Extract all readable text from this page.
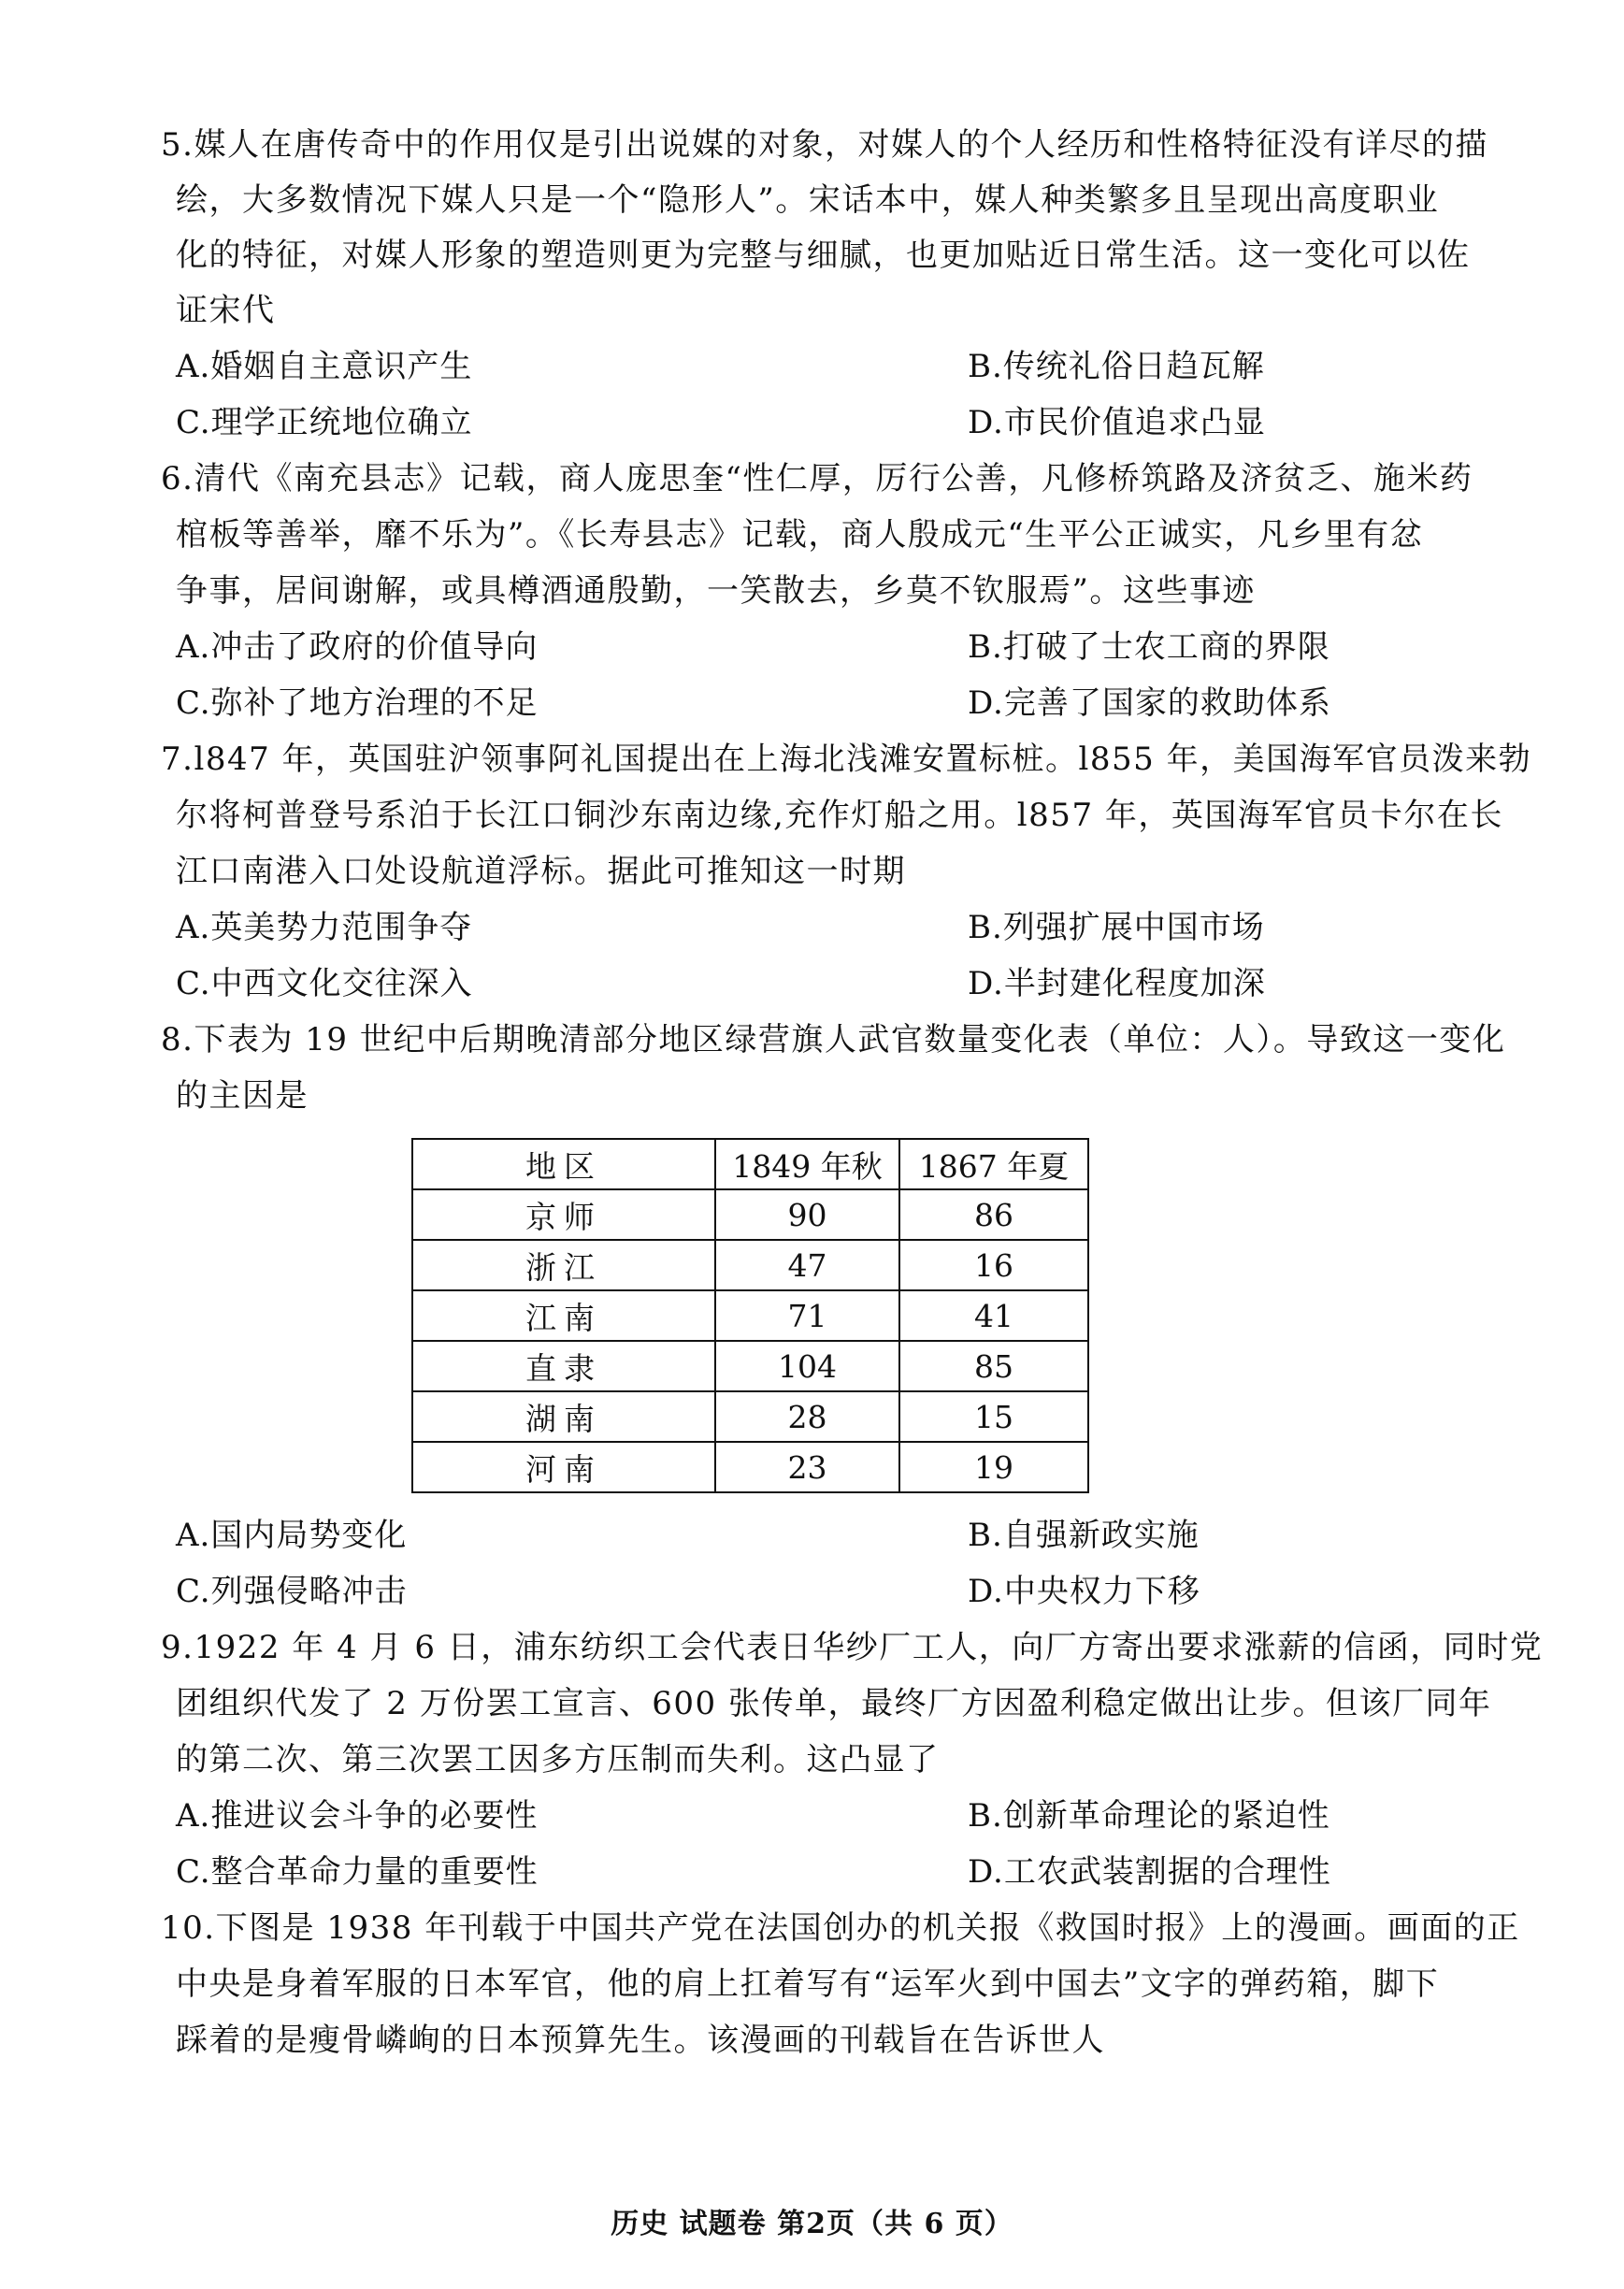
5.媒人在唐传奇中的作用仅是引出说媒的对象，对媒人的个人经历和性格特征没有详尽的描
绘，大多数情况下媒人只是一个“隐形人”。宋话本中，媒人种类繁多且呈现出高度职业
化的特征，对媒人形象的塑造则更为完整与细腻，也更加贴近日常生活。这一变化可以佐
证宋代
A.婚姻自主意识产生	B.传统礼俗日趋瓦解
C.理学正统地位确立	D.市民价值追求凸显
6.清代《南充县志》记载，商人庞思奎“性仁厚，厉行公善，凡修桥筑路及济贫乏、施米药
棺板等善举，靡不乐为”。《长寿县志》记载，商人殷成元“生平公正诚实，凡乡里有忿
争事，居间谢解，或具樽酒通殷勤，一笑散去，乡莫不钦服焉”。这些事迹
A.冲击了政府的价值导向	B.打破了士农工商的界限
C.弥补了地方治理的不足	D.完善了国家的救助体系
7.l847 年，英国驻沪领事阿礼国提出在上海北浅滩安置标桩。l855 年，美国海军官员泼来勃
尔将柯普登号系泊于长江口铜沙东南边缘,充作灯船之用。l857 年，英国海军官员卡尔在长
江口南港入口处设航道浮标。据此可推知这一时期
A.英美势力范围争夺	B.列强扩展中国市场
C.中西文化交往深入	D.半封建化程度加深
8.下表为 19 世纪中后期晚清部分地区绿营旗人武官数量变化表（单位：人）。导致这一变化
的主因是
地区	1849 年秋	1867 年夏
京师	90	86
浙江	47	16
江南	71	41
直隶	104	85
湖南	28	15
河南	23	19
A.国内局势变化	B.自强新政实施
C.列强侵略冲击	D.中央权力下移
9.1922 年 4 月 6 日，浦东纺织工会代表日华纱厂工人，向厂方寄出要求涨薪的信函，同时党
团组织代发了 2 万份罢工宣言、600 张传单，最终厂方因盈利稳定做出让步。但该厂同年
的第二次、第三次罢工因多方压制而失利。这凸显了
A.推进议会斗争的必要性	B.创新革命理论的紧迫性
C.整合革命力量的重要性	D.工农武装割据的合理性
10.下图是 1938 年刊载于中国共产党在法国创办的机关报《救国时报》上的漫画。画面的正
中央是身着军服的日本军官，他的肩上扛着写有“运军火到中国去”文字的弹药箱，脚下
踩着的是瘦骨嶙峋的日本预算先生。该漫画的刊载旨在告诉世人
历史 试题卷 第2页（共 6 页）
